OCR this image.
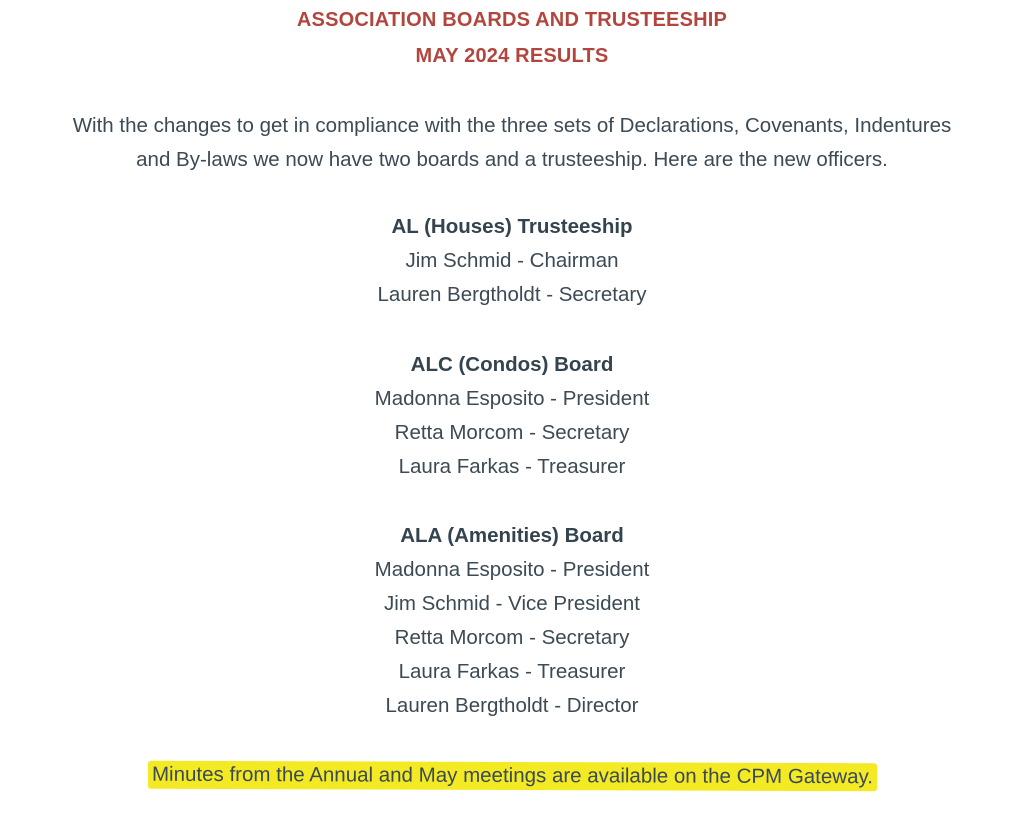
ASSOCIATION BOARDS AND TRUSTEESHIP
MAY 2024 RESULTS
With the changes to get in compliance with the three sets of Declarations, Covenants, Indentures
and By-laws we now have two boards and a trusteeship. Here are the new officers.
AL (Houses) Trusteeship
Jim Schmid - Chairman
Lauren Bergtholdt - Secretary
ALC (Condos) Board
Madonna Esposito - President
Retta Morcom - Secretary
Laura Farkas - Treasurer
ALA (Amenities) Board
Madonna Esposito - President
Jim Schmid - Vice President
Retta Morcom - Secretary
Laura Farkas - Treasurer
Lauren Bergtholdt - Director
Minutes from the Annual and May meetings are available on the CPM Gateway.
